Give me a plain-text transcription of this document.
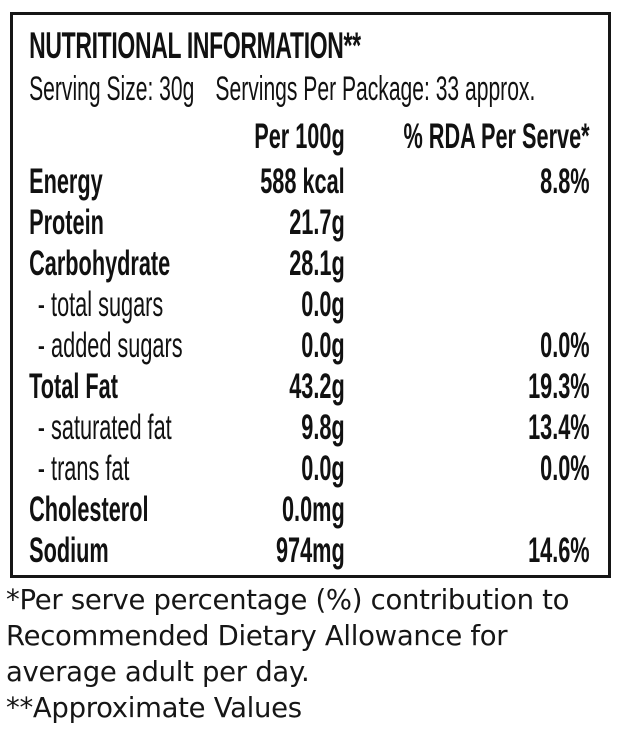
NUTRITIONAL INFORMATION**
Serving Size: 30g Servings Per Package: 33 approx.
Per 100g	% RDA Per Serve*
Energy	588 kcal	8.8%
Protein	21.7g
Carbohydrate	28.1g
- total sugars	0.0g
- added sugars	0.0g	0.0%
Total Fat	43.2g	19.3%
- saturated fat	9.8g	13.4%
- trans fat	0.0g	0.0%
Cholesterol	0.0mg
Sodium	974mg	14.6%
*Per serve percentage (%) contribution to
Recommended Dietary Allowance for
average adult per day.
**Approximate Values
